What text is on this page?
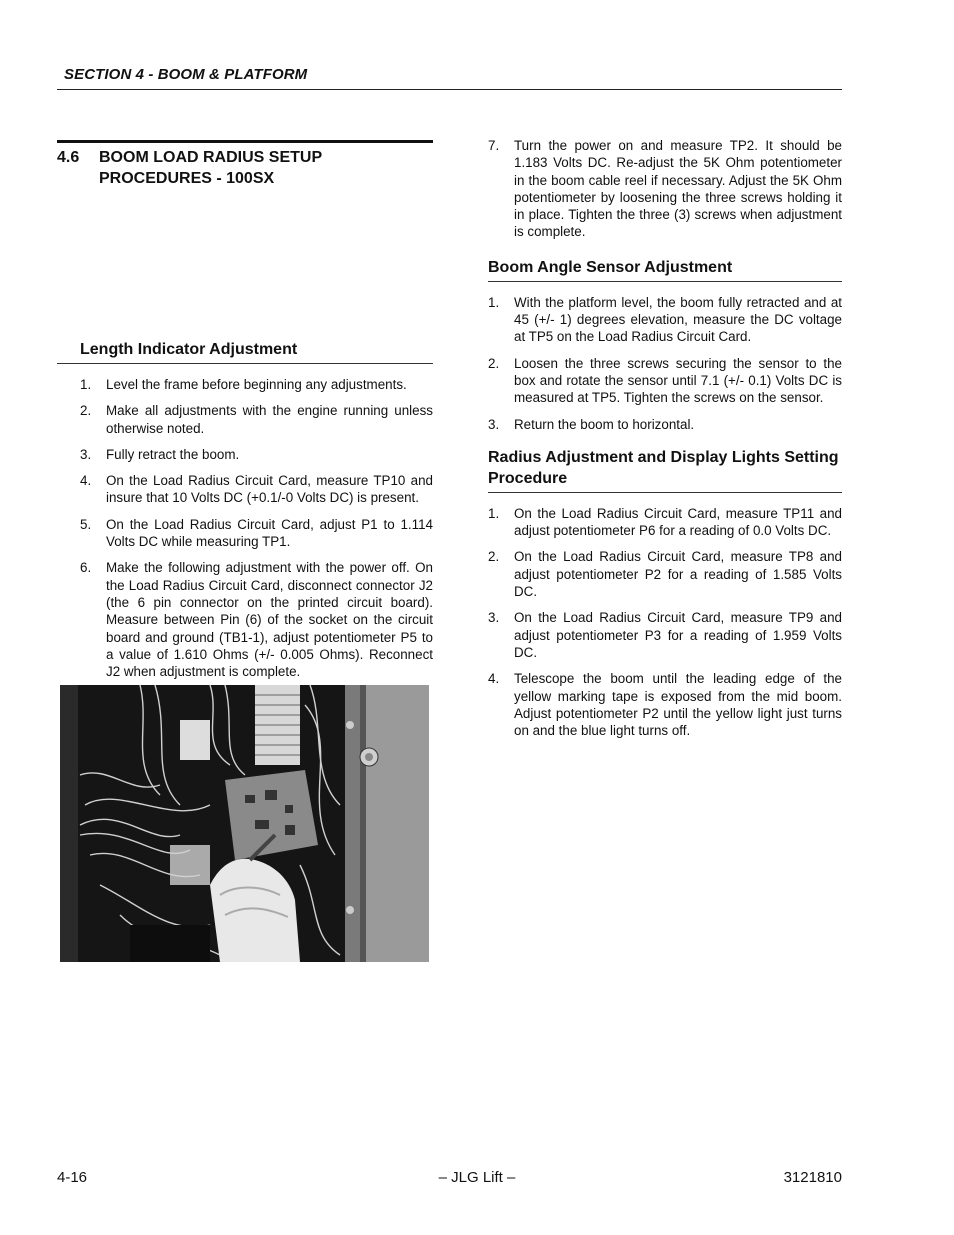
SECTION 4 - BOOM & PLATFORM
4.6	BOOM LOAD RADIUS SETUP PROCEDURES - 100SX
Length Indicator Adjustment
1.	Level the frame before beginning any adjustments.
2.	Make all adjustments with the engine running unless otherwise noted.
3.	Fully retract the boom.
4.	On the Load Radius Circuit Card, measure TP10 and insure that 10 Volts DC (+0.1/-0 Volts DC) is present.
5.	On the Load Radius Circuit Card, adjust P1 to 1.114 Volts DC while measuring TP1.
6.	Make the following adjustment with the power off. On the Load Radius Circuit Card, disconnect connector J2 (the 6 pin connector on the printed circuit board). Measure between Pin (6) of the socket on the circuit board and ground (TB1-1), adjust potentiometer P5 to a value of 1.610 Ohms (+/- 0.005 Ohms). Reconnect J2 when adjustment is complete.
7.	Turn the power on and measure TP2. It should be 1.183 Volts DC. Re-adjust the 5K Ohm potentiometer in the boom cable reel if necessary. Adjust the 5K Ohm potentiometer by loosening the three screws holding it in place. Tighten the three (3) screws when adjustment is complete.
Boom Angle Sensor Adjustment
1.	With the platform level, the boom fully retracted and at 45 (+/- 1) degrees elevation, measure the DC voltage at TP5 on the Load Radius Circuit Card.
2.	Loosen the three screws securing the sensor to the box and rotate the sensor until 7.1 (+/- 0.1) Volts DC is measured at TP5. Tighten the screws on the sensor.
3.	Return the boom to horizontal.
Radius Adjustment and Display Lights Setting Procedure
1.	On the Load Radius Circuit Card, measure TP11 and adjust potentiometer P6 for a reading of 0.0 Volts DC.
2.	On the Load Radius Circuit Card, measure TP8 and adjust potentiometer P2 for a reading of 1.585 Volts DC.
3.	On the Load Radius Circuit Card, measure TP9 and adjust potentiometer P3 for a reading of 1.959 Volts DC.
4.	Telescope the boom until the leading edge of the yellow marking tape is exposed from the mid boom. Adjust potentiometer P2 until the yellow light just turns on and the blue light turns off.
4-16	– JLG Lift –	3121810
